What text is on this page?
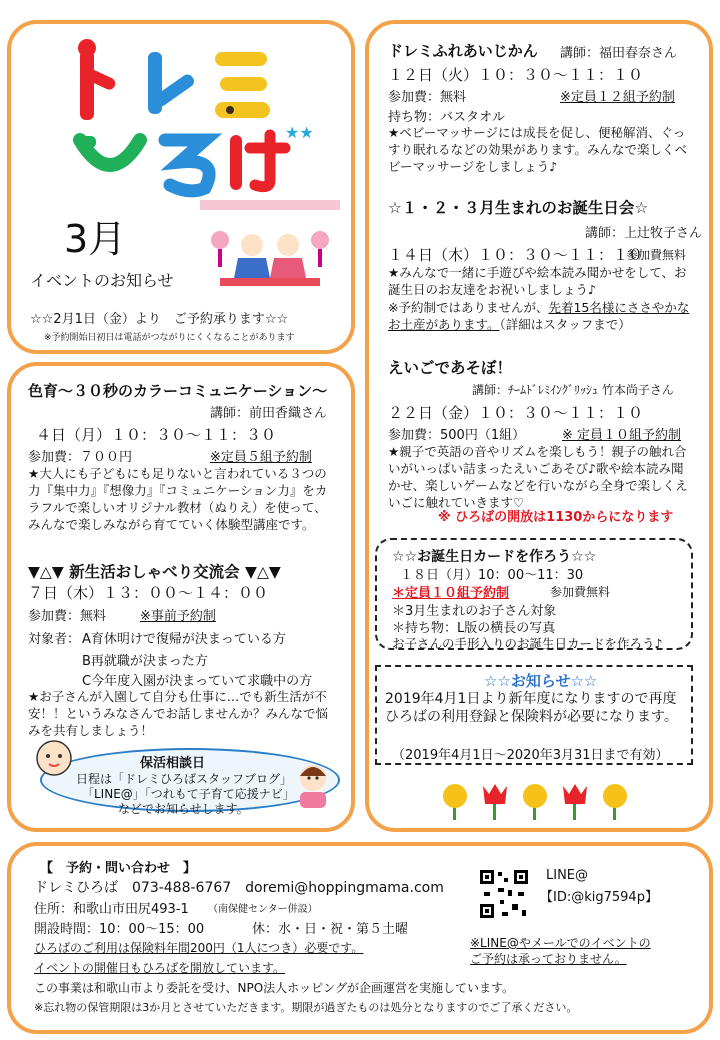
★★
3月
イベントのお知らせ
☆☆2月1日（金）より　ご予約承ります☆☆
※予約開始日初日は電話がつながりにくくなることがあります
色育～３０秒のカラーコミュニケーション～
講師：前田香織さん
４日（月）１０：３０～１１：３０
参加費：７００円	※定員５組予約制
★大人にも子どもにも足りないと言われている３つの力『集中力』『想像力』『コミュニケーション力』をカラフルで楽しいオリジナル教材（ぬりえ）を使って、みんなで楽しみながら育てていく体験型講座です。
▼△▼ 新生活おしゃべり交流会 ▼△▼
７日（木）１３：００～１４：００
参加費：無料	※事前予約制
対象者： A育休明けで復帰が決まっている方
B再就職が決まった方
C今年度入園が決まっていて求職中の方
★お子さんが入園して自分も仕事に…でも新生活が不安！！というみなさんでお話しませんか？みんなで悩みを共有しましょう！
保活相談日
日程は「ドレミひろばスタッフブログ」
「LINE@」「つれもて子育て応援ナビ」
などでお知らせします。
ドレミふれあいじかん 講師：福田春奈さん
１２日（火）１０：３０～１１：１０
参加費：無料	※定員１２組予約制
持ち物：バスタオル
★ベビーマッサージには成長を促し、便秘解消、ぐっすり眠れるなどの効果があります。みんなで楽しくベビーマッサージをしましょう♪
☆１・２・３月生まれのお誕生日会☆
講師：上辻牧子さん
１４日（木）１０：３０～１１：１０
参加費無料
★みんなで一緒に手遊びや絵本読み聞かせをして、お誕生日のお友達をお祝いしましょう♪
※予約制ではありませんが、先着15名様にささやかなお土産があります。（詳細はスタッフまで）
えいごであそぼ！
講師：ﾁｰﾑﾄﾞﾚﾐｲﾝｸﾞﾘｯｼｭ 竹本尚子さん
２２日（金）１０：３０～１１：１０
参加費：500円（1組）	※ 定員１０組予約制
★親子で英語の音やリズムを楽しもう！親子の触れ合いがいっぱい詰まったえいごあそび♪歌や絵本読み聞かせ、楽しいゲームなどを行いながら全身で楽しくえいごに触れていきます♡
※ ひろばの開放は1130からになります
☆☆お誕生日カードを作ろう☆☆
１８日（月）10：00～11：30
＊定員１０組予約制	参加費無料
＊3月生まれのお子さん対象
＊持ち物：L版の横長の写真
お子さんの手形入りのお誕生日カードを作ろう♪
☆☆お知らせ☆☆
2019年4月1日より新年度になりますので再度ひろばの利用登録と保険料が必要になります。
（2019年4月1日～2020年3月31日まで有効）
【　予約・問い合わせ　】
ドレミひろば　073-488-6767　doremi@hoppingmama.com
住所：和歌山市田尻493-1 （南保健センター併設）
開設時間：10：00～15：00	休：水・日・祝・第５土曜
ひろばのご利用は保険料年間200円（1人につき）必要です。
イベントの開催日もひろばを開放しています。
この事業は和歌山市より委託を受け、NPO法人ホッピングが企画運営を実施しています。
※忘れ物の保管期限は3か月とさせていただきます。期限が過ぎたものは処分となりますのでご了承ください。
LINE@
【ID:@kig7594p】
※LINE@やメールでのイベントの
ご予約は承っておりません。
